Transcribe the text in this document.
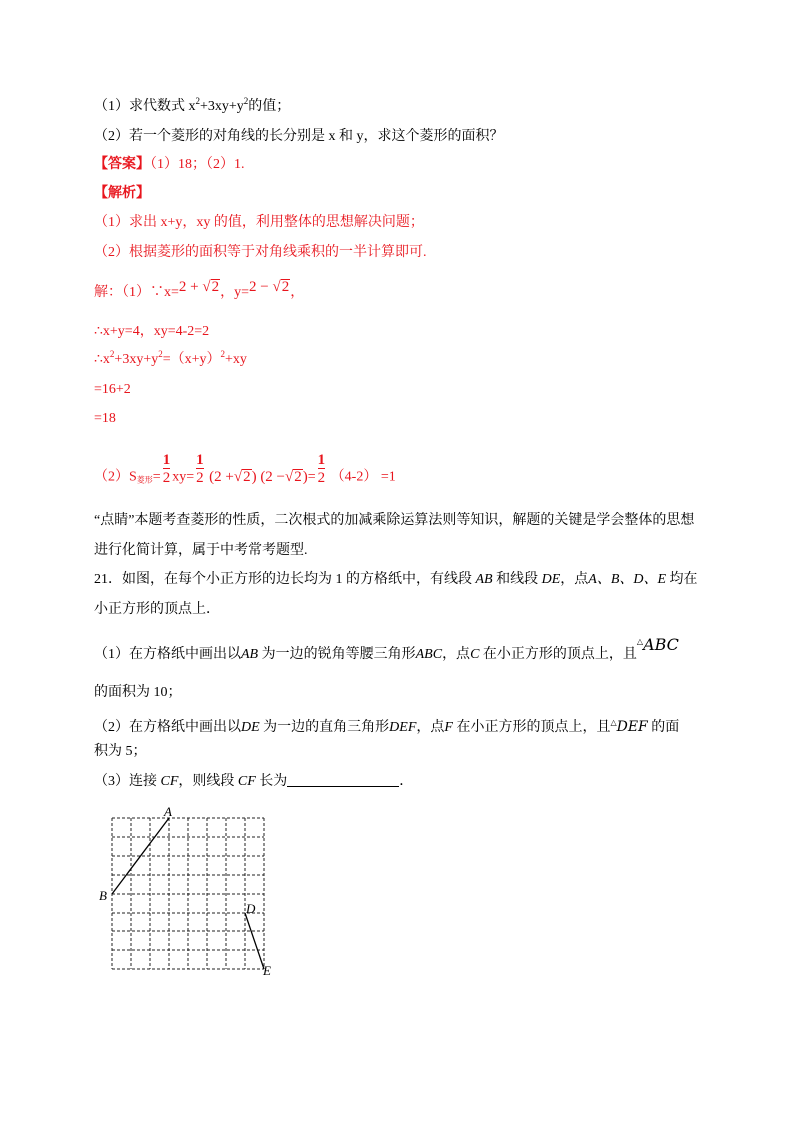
（1）求代数式 $x^2+3xy+y^2$的值；
（2）若一个菱形的对角线的长分别是 x 和 y，求这个菱形的面积？
【答案】（1）18；（2）1.
【解析】
（1）求出 x+y，xy 的值，利用整体的思想解决问题；
（2）根据菱形的面积等于对角线乘积的一半计算即可.
解：（1）∵x=2 + √2，y=2 − √2，
∴x+y=4，xy=4-2=2
$\therefore x^2+3xy+y^2=(x+y)^2+xy$
=16+2
=18
$(2)S_{菱形}= \frac{1}{2} xy= \frac{1}{2} (2 +√2)$ $(2 -√2)= \frac{1}{2} (4-2) =1$
“点睛”本题考查菱形的性质，二次根式的加减乘除运算法则等知识，解题的关键是学会整体的思想
进行化简计算，属于中考常考题型.
21．如图，在每个小正方形的边长均为 1 的方格纸中，有线段 AB 和线段 DE，点A、B、D、E 均在
小正方形的顶点上．
（1）在方格纸中画出以AB 为一边的锐角等腰三角形ABC，点C 在小正方形的顶点上，且△ABC
的面积为 10；
（2）在方格纸中画出以DE 为一边的直角三角形DEF，点F 在小正方形的顶点上，且△DEF 的面
积为 5；
（3）连接 CF，则线段 CF 长为	．
A
B
D
E
